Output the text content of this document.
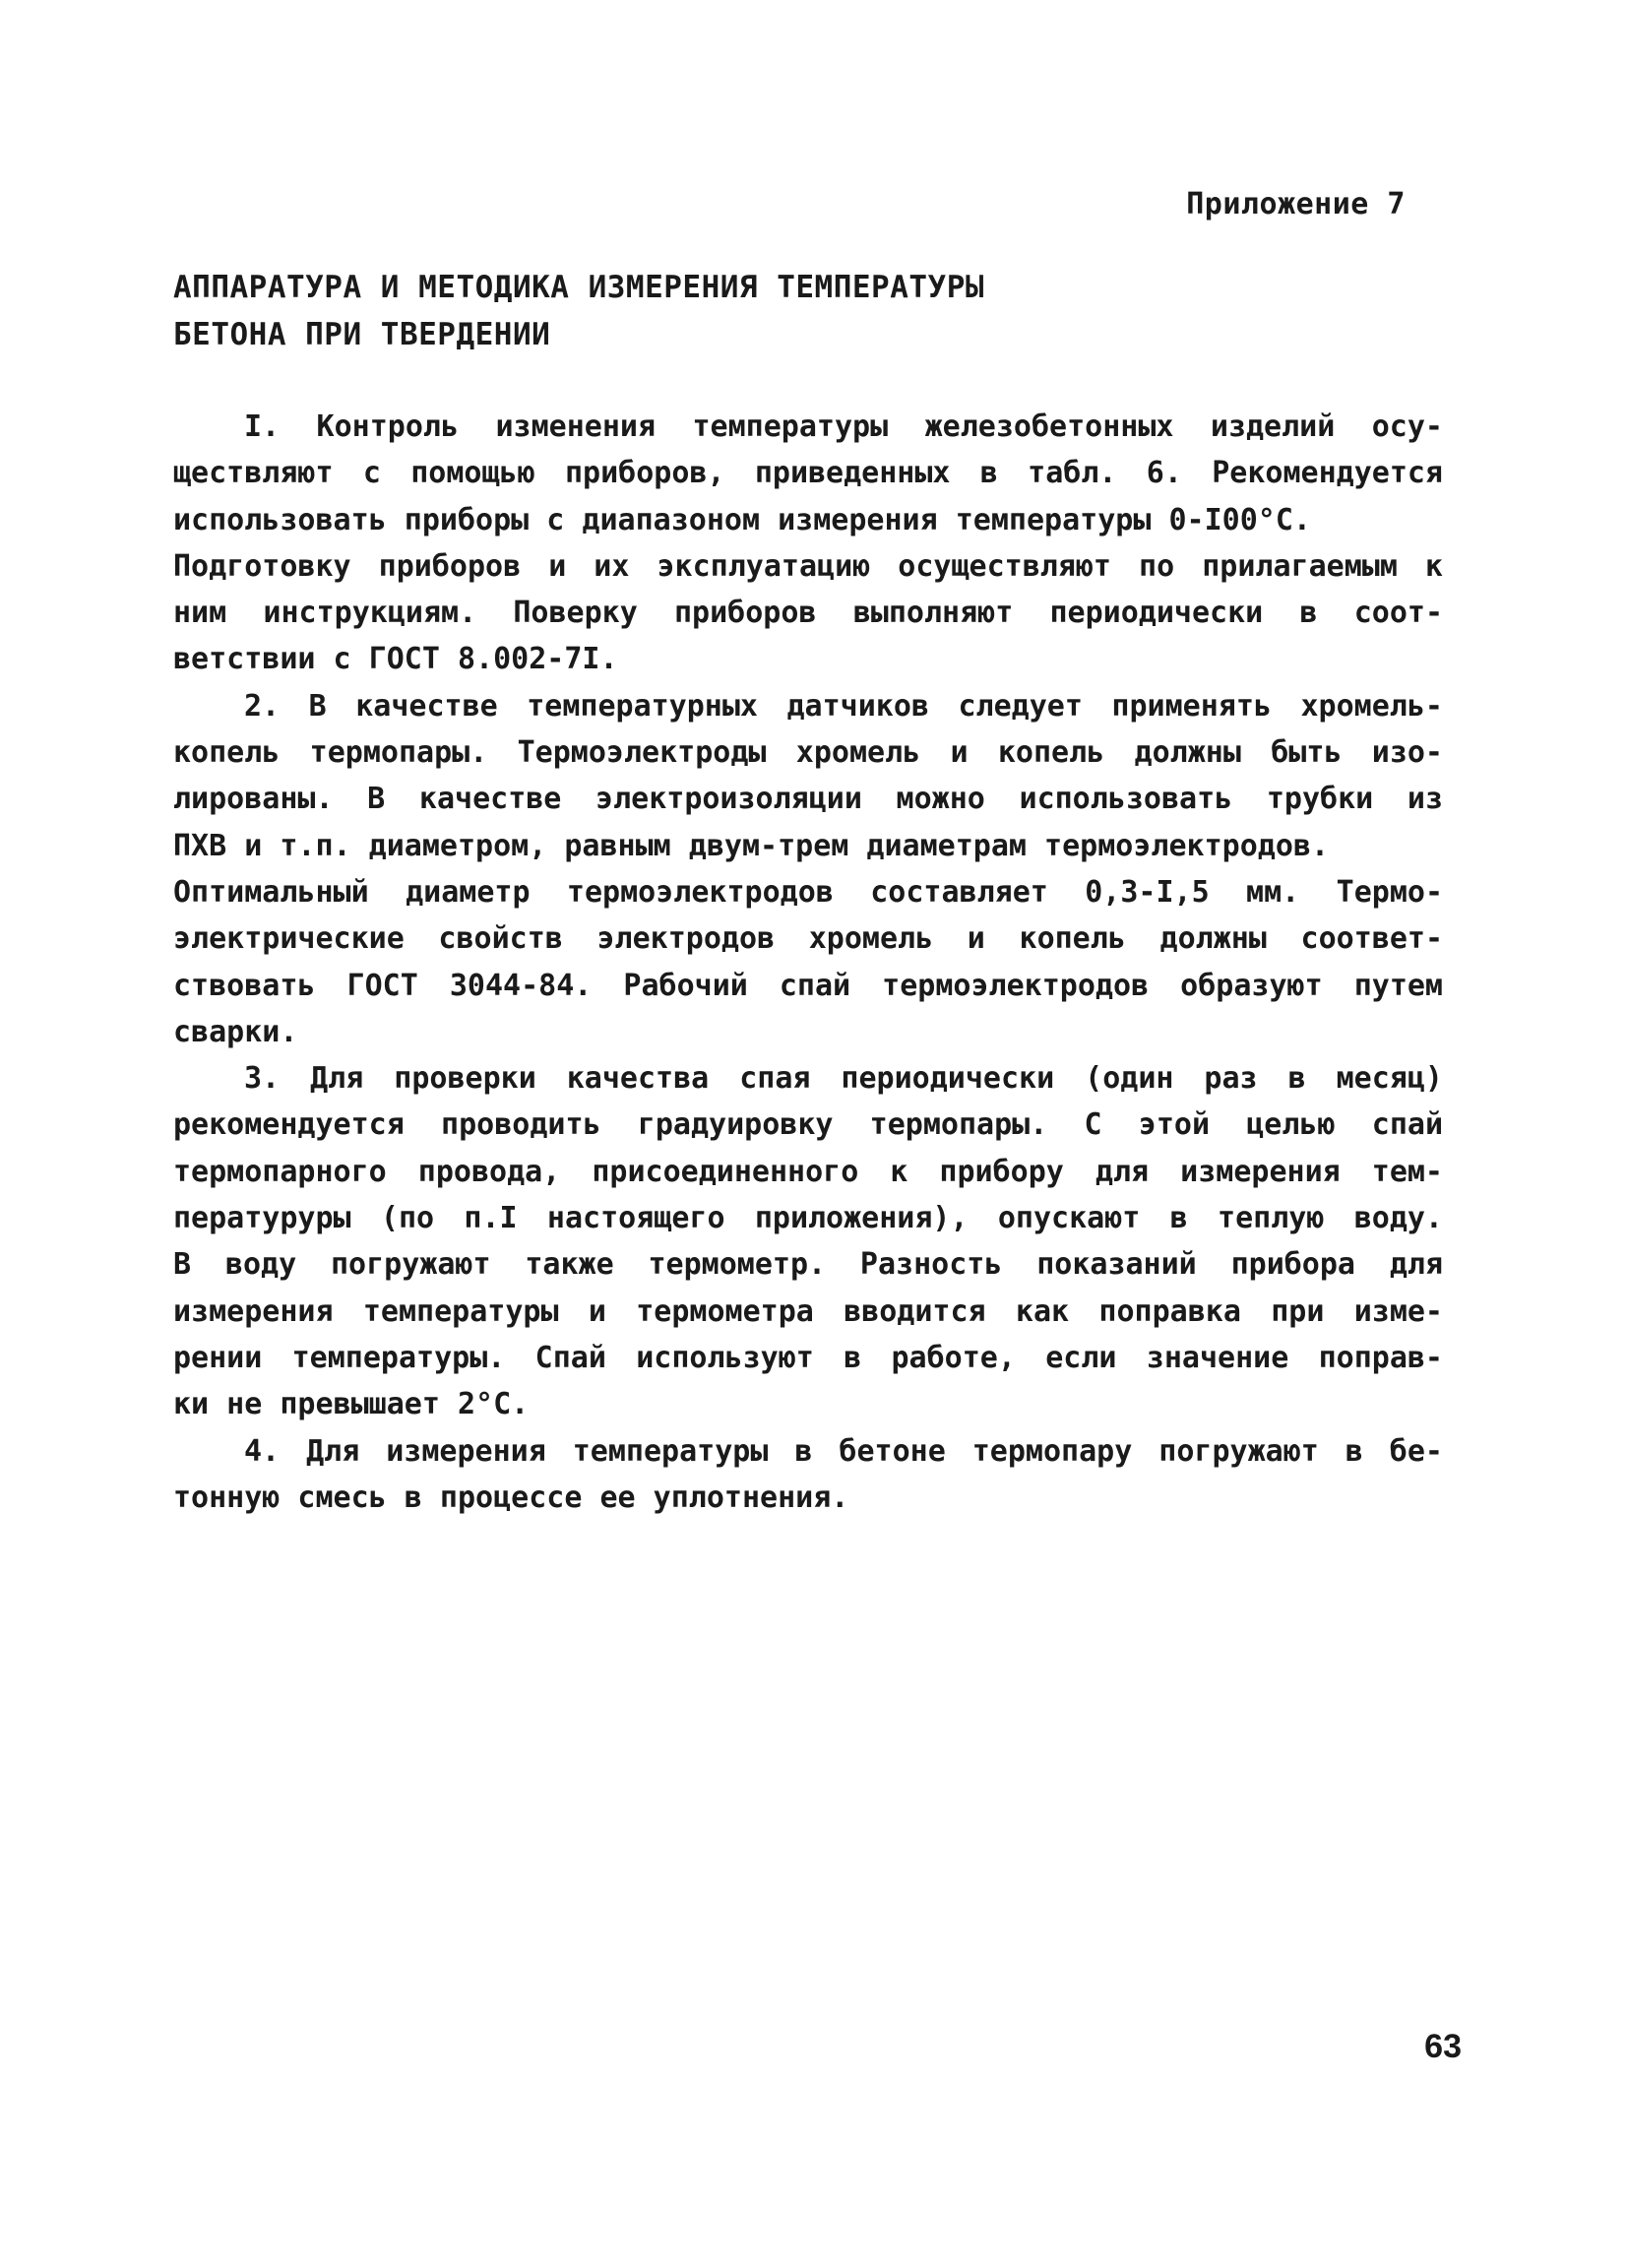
Приложение 7
АППАРАТУРА И МЕТОДИКА ИЗМЕРЕНИЯ ТЕМПЕРАТУРЫ
БЕТОНА ПРИ ТВЕРДЕНИИ
I. Контроль изменения температуры железобетонных изделий осу-
ществляют с помощью приборов, приведенных в табл. 6. Рекомендуется
использовать приборы с диапазоном измерения температуры 0-I00°С.
Подготовку приборов и их эксплуатацию осуществляют по прилагаемым к
ним инструкциям. Поверку приборов выполняют периодически в соот-
ветствии с ГОСТ 8.002-7I.
2. В качестве температурных датчиков следует применять хромель-
копель термопары. Термоэлектроды хромель и копель должны быть изо-
лированы. В качестве электроизоляции можно использовать трубки из
ПХВ и т.п. диаметром, равным двум-трем диаметрам термоэлектродов.
Оптимальный диаметр термоэлектродов составляет 0,3-I,5 мм. Термо-
электрические свойств электродов хромель и копель должны соответ-
ствовать ГОСТ 3044-84. Рабочий спай термоэлектродов образуют путем
сварки.
3. Для проверки качества спая периодически (один раз в месяц)
рекомендуется проводить градуировку термопары. С этой целью спай
термопарного провода, присоединенного к прибору для измерения тем-
пературуры (по п.I настоящего приложения), опускают в теплую воду.
В воду погружают также термометр. Разность показаний прибора для
измерения температуры и термометра вводится как поправка при изме-
рении температуры. Спай используют в работе, если значение поправ-
ки не превышает 2°С.
4. Для измерения температуры в бетоне термопару погружают в бе-
тонную смесь в процессе ее уплотнения.
63
